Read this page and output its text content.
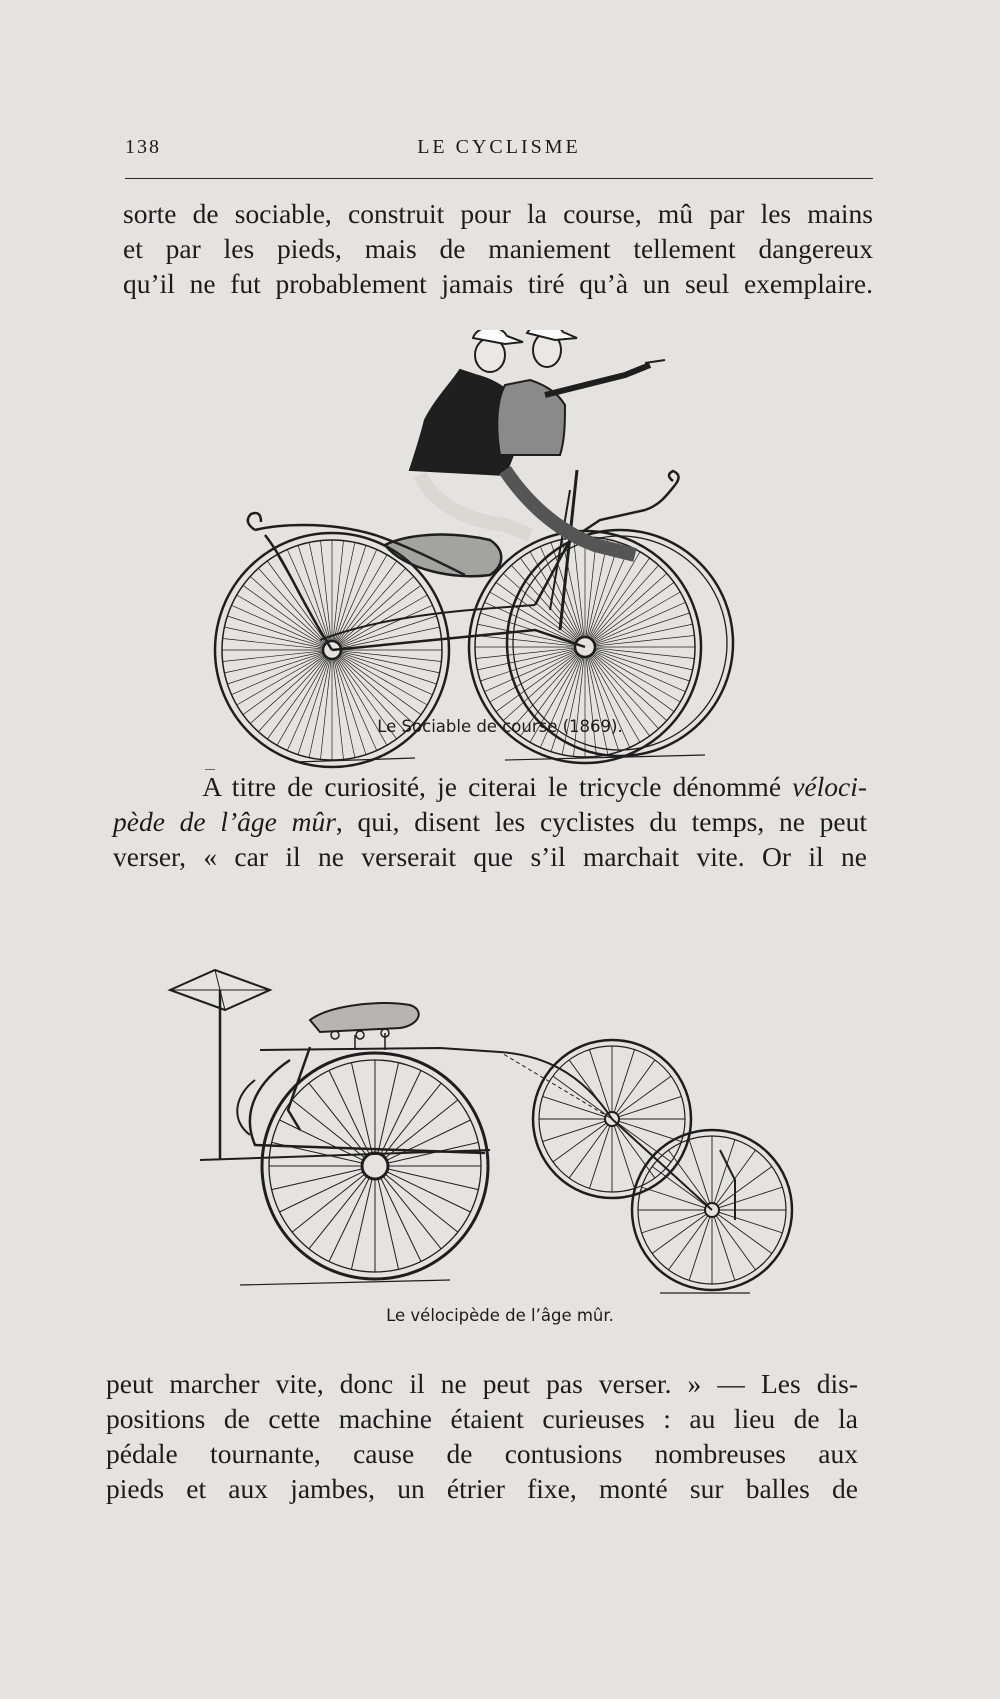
138	LE CYCLISME
sorte de sociable, construit pour la course, mû par les mains
et par les pieds, mais de maniement tellement dangereux
qu’il ne fut probablement jamais tiré qu’à un seul exemplaire.
Le Sociable de course (1869).
​        A titre de curiosité, je citerai le tricycle dénommé véloci-
pède de l’âge mûr, qui, disent les cyclistes du temps, ne peut
verser, « car il ne verserait que s’il marchait vite. Or il ne
Le vélocipède de l’âge mûr.
peut marcher vite, donc il ne peut pas verser. » — Les dis-
positions de cette machine étaient curieuses : au lieu de la
pédale tournante, cause de contusions nombreuses aux
pieds et aux jambes, un étrier fixe, monté sur balles de
